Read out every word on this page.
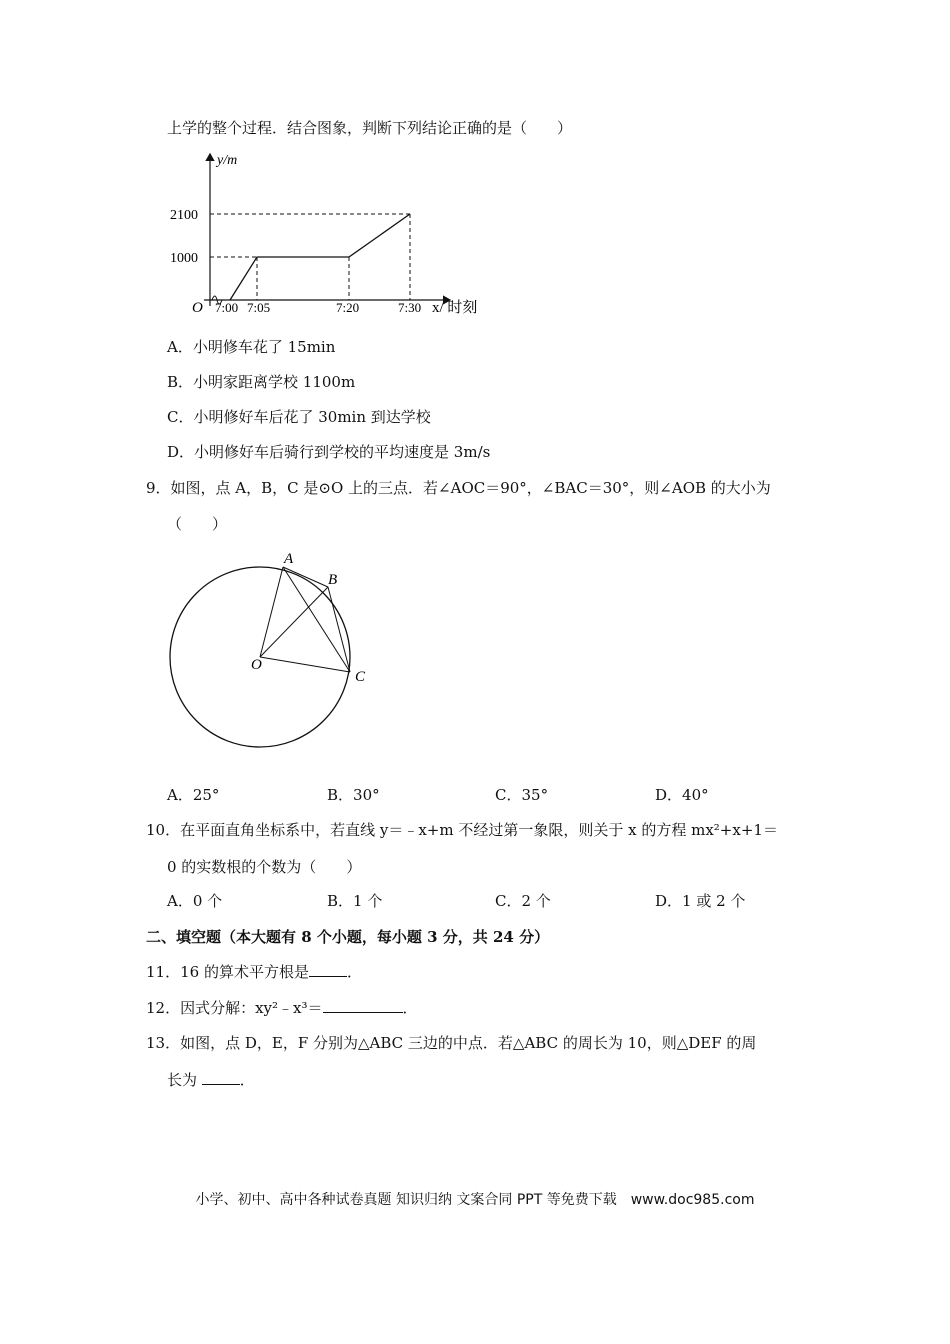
上学的整个过程．结合图象，判断下列结论正确的是（　　）
y/m
2100
1000
O 7:00 7:05	7:20	7:30 x/ 时刻
A．小明修车花了 15min
B．小明家距离学校 1100m
C．小明修好车后花了 30min 到达学校
D．小明修好车后骑行到学校的平均速度是 3m/s
9．如图，点 A，B，C 是⊙O 上的三点．若∠AOC＝90°，∠BAC＝30°，则∠AOB 的大小为
（　　）
A
B
C
O
A．25°	B．30°	C．35°	D．40°
10．在平面直角坐标系中，若直线 y＝﹣x+m 不经过第一象限，则关于 x 的方程 mx²+x+1＝
0 的实数根的个数为（　　）
A．0 个	B．1 个	C．2 个	D．1 或 2 个
二、填空题（本大题有 8 个小题，每小题 3 分，共 24 分）
11．16 的算术平方根是	．
12．因式分解：xy²﹣x³＝	．
13．如图，点 D，E，F 分别为△ABC 三边的中点．若△ABC 的周长为 10，则△DEF 的周
长为	．
小学、初中、高中各种试卷真题 知识归纳 文案合同 PPT 等免费下载　www.doc985.com
